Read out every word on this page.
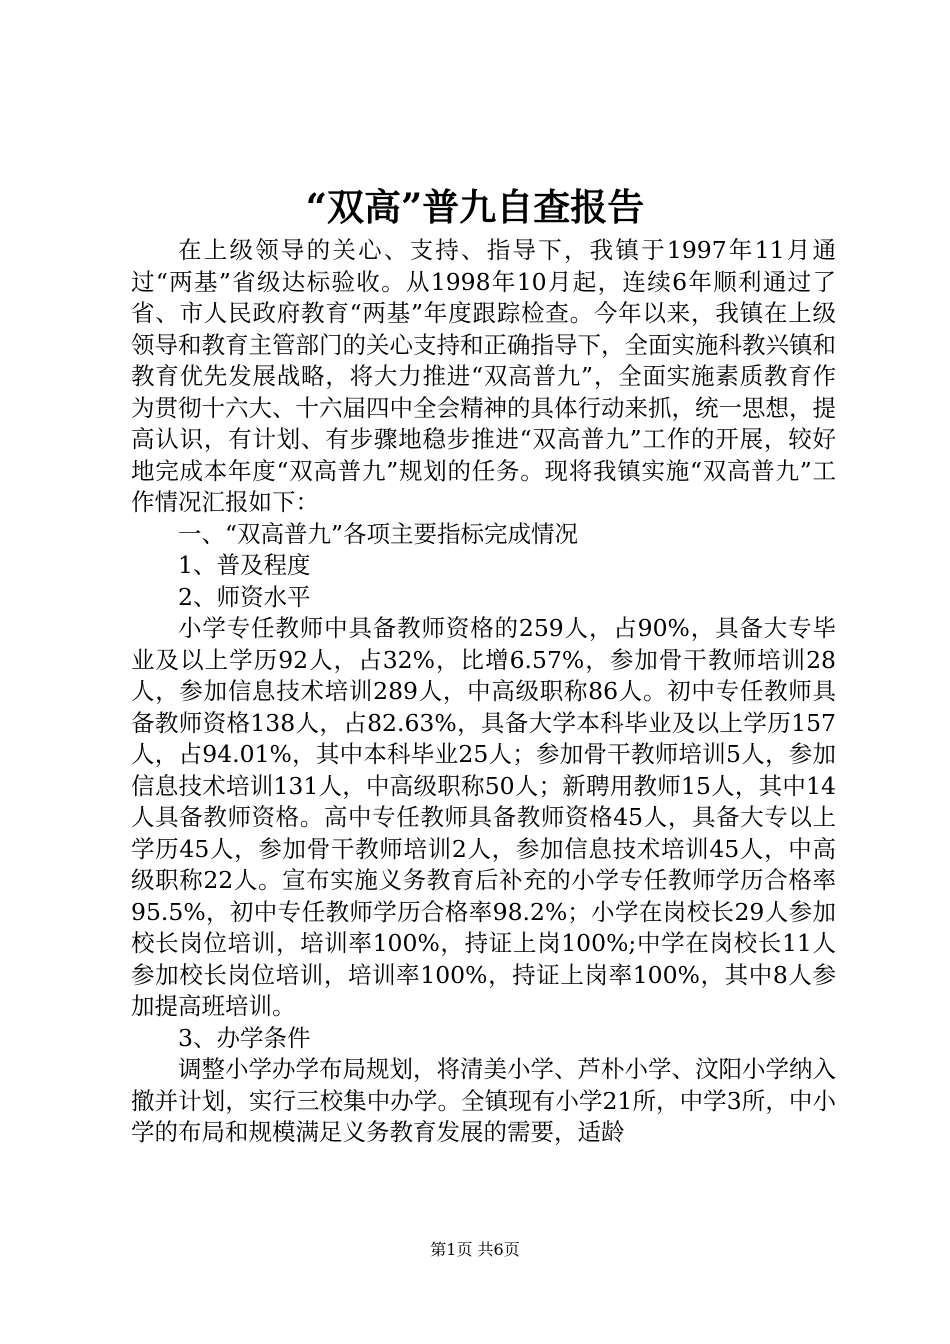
“双高”普九自查报告

在上级领导的关心、支持、指导下，我镇于1997年11月通过“两基”省级达标验收。从1998年10月起，连续6年顺利通过了省、市人民政府教育“两基”年度跟踪检查。今年以来，我镇在上级领导和教育主管部门的关心支持和正确指导下，全面实施科教兴镇和教育优先发展战略，将大力推进“双高普九”，全面实施素质教育作为贯彻十六大、十六届四中全会精神的具体行动来抓，统一思想，提高认识，有计划、有步骤地稳步推进“双高普九”工作的开展，较好地完成本年度“双高普九”规划的任务。现将我镇实施“双高普九”工作情况汇报如下：

一、“双高普九”各项主要指标完成情况

1、普及程度

2、师资水平

小学专任教师中具备教师资格的259人，占90%，具备大专毕业及以上学历92人，占32%，比增6.57%，参加骨干教师培训28人，参加信息技术培训289人，中高级职称86人。初中专任教师具备教师资格138人，占82.63%，具备大学本科毕业及以上学历157人，占94.01%，其中本科毕业25人；参加骨干教师培训5人，参加信息技术培训131人，中高级职称50人；新聘用教师15人，其中14人具备教师资格。高中专任教师具备教师资格45人，具备大专以上学历45人，参加骨干教师培训2人，参加信息技术培训45人，中高级职称22人。宣布实施义务教育后补充的小学专任教师学历合格率95.5%，初中专任教师学历合格率98.2%；小学在岗校长29人参加校长岗位培训，培训率100%，持证上岗100%;中学在岗校长11人参加校长岗位培训，培训率100%，持证上岗率100%，其中8人参加提高班培训。

3、办学条件

调整小学办学布局规划，将清美小学、芦朴小学、汶阳小学纳入撤并计划，实行三校集中办学。全镇现有小学21所，中学3所，中小学的布局和规模满足义务教育发展的需要，适龄

第1页 共6页
